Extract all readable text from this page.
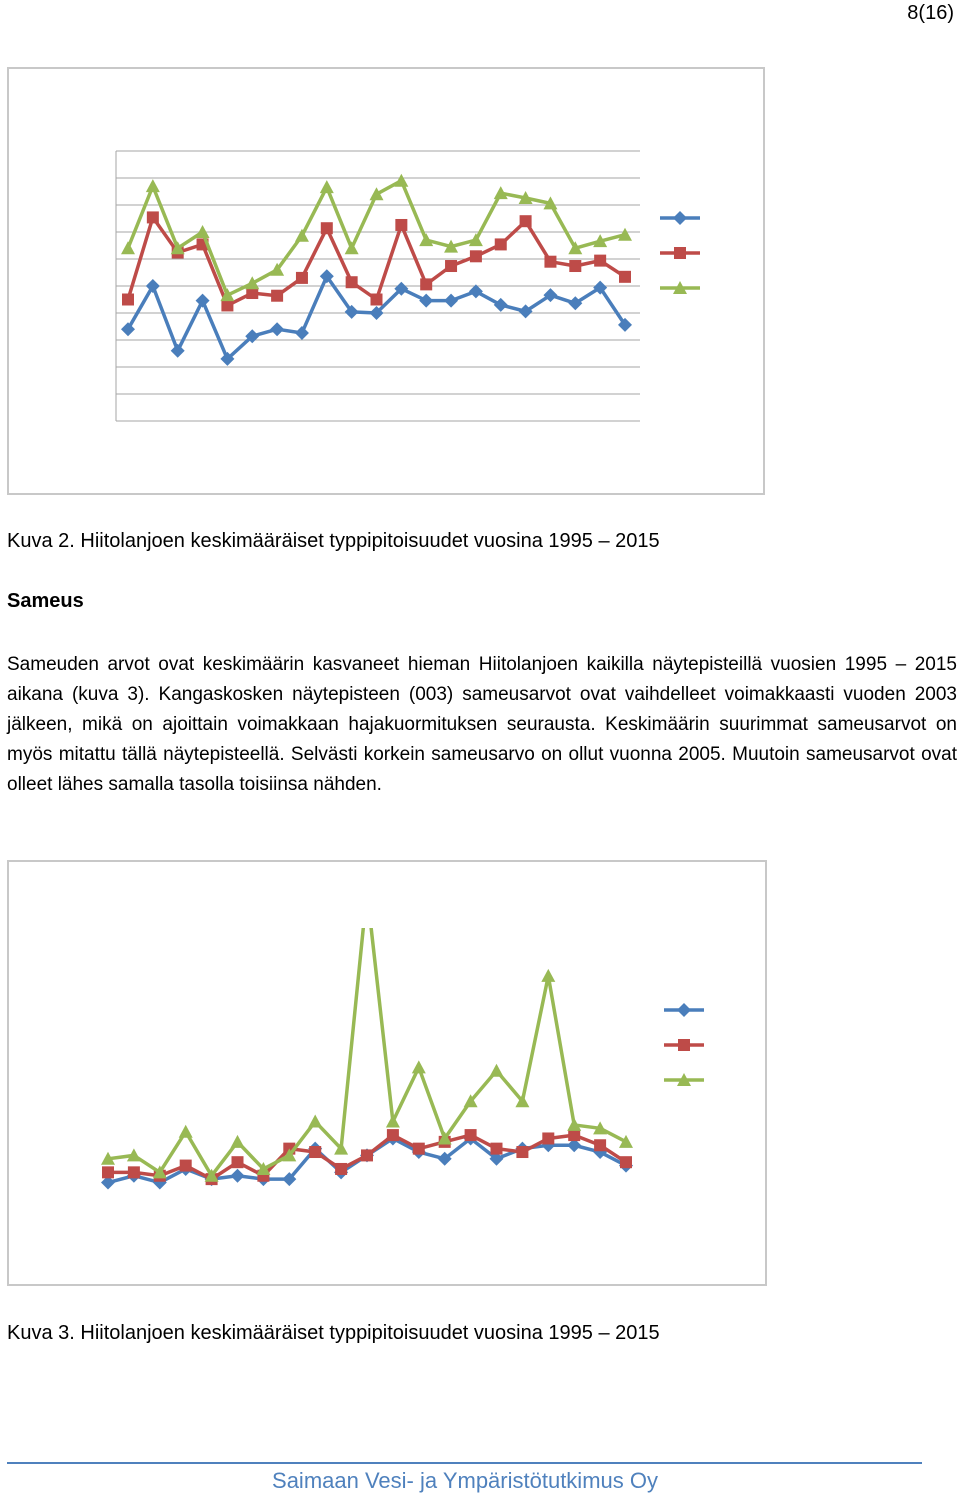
8(16)
Kuva 2. Hiitolanjoen keskimääräiset typpipitoisuudet vuosina 1995 – 2015
Sameus
Sameuden arvot ovat keskimäärin kasvaneet hieman Hiitolanjoen kaikilla näytepisteillä vuosien 1995 – 2015 aikana (kuva 3). Kangaskosken näytepisteen (003) sameusarvot ovat vaihdelleet voimakkaasti vuoden 2003 jälkeen, mikä on ajoittain voimakkaan hajakuormituksen seurausta. Keskimäärin suurimmat sameusarvot on myös mitattu tällä näytepisteellä. Selvästi korkein sameusarvo on ollut vuonna 2005. Muutoin sameusarvot ovat olleet lähes samalla tasolla toisiinsa nähden.
Kuva 3. Hiitolanjoen keskimääräiset typpipitoisuudet vuosina 1995 – 2015
Saimaan Vesi- ja Ympäristötutkimus Oy
